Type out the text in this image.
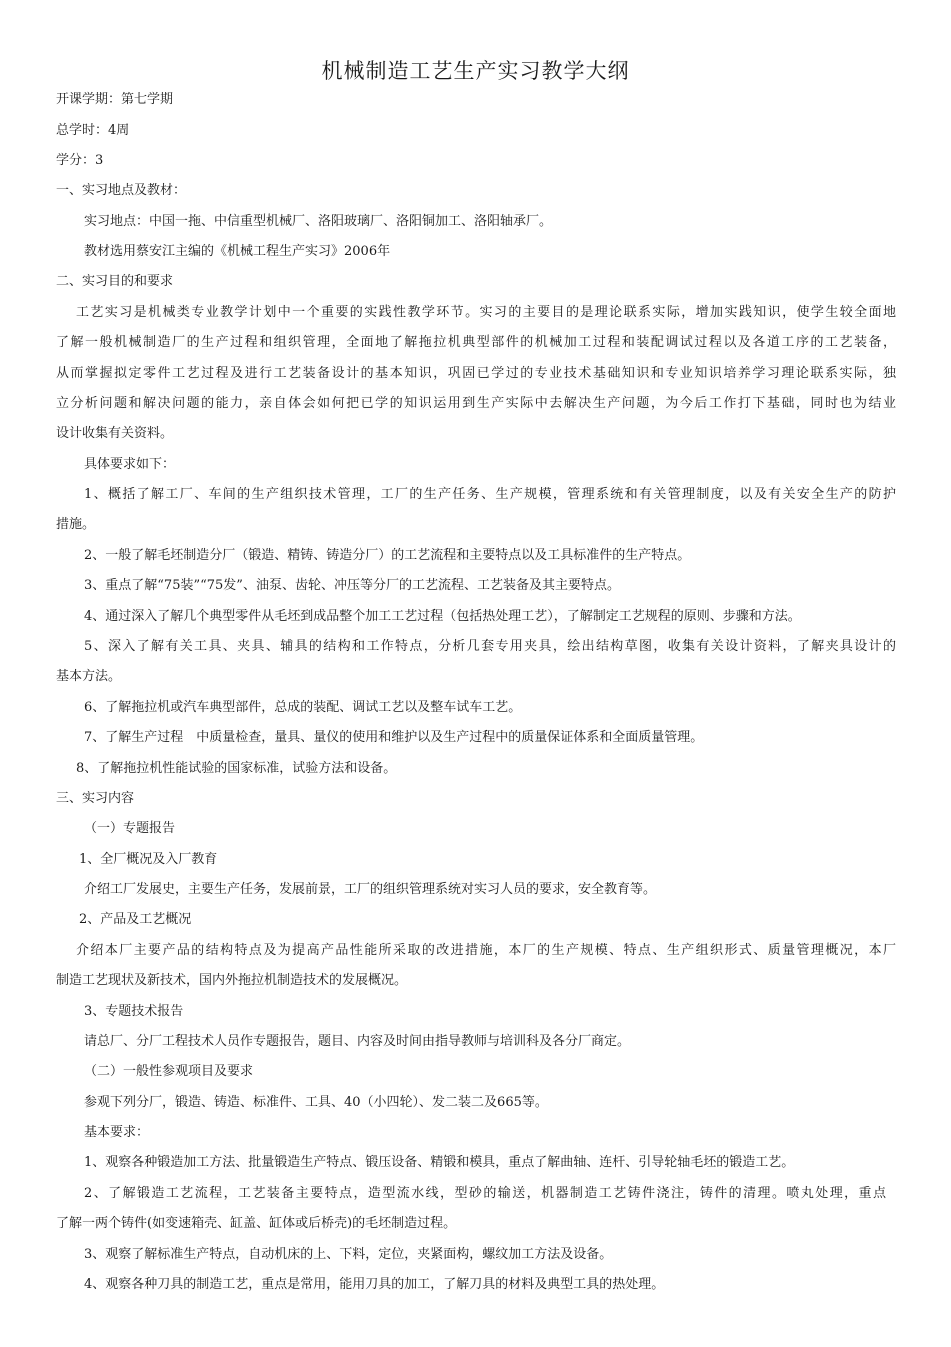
机械制造工艺生产实习教学大纲
开课学期：第七学期
总学时：4周
学分：3
一、实习地点及教材：
实习地点：中国一拖、中信重型机械厂、洛阳玻璃厂、洛阳铜加工、洛阳轴承厂。
教材选用蔡安江主编的《机械工程生产实习》2006年
二、实习目的和要求
工艺实习是机械类专业教学计划中一个重要的实践性教学环节。实习的主要目的是理论联系实际，增加实践知识，使学生较全面地
了解一般机械制造厂的生产过程和组织管理，全面地了解拖拉机典型部件的机械加工过程和装配调试过程以及各道工序的工艺装备，
从而掌握拟定零件工艺过程及进行工艺装备设计的基本知识，巩固已学过的专业技术基础知识和专业知识培养学习理论联系实际，独
立分析问题和解决问题的能力，亲自体会如何把已学的知识运用到生产实际中去解决生产问题，为今后工作打下基础，同时也为结业
设计收集有关资料。
具体要求如下：
1、概括了解工厂、车间的生产组织技术管理，工厂的生产任务、生产规模，管理系统和有关管理制度，以及有关安全生产的防护
措施。
2、一般了解毛坯制造分厂（锻造、精铸、铸造分厂）的工艺流程和主要特点以及工具标准件的生产特点。
3、重点了解“75装”“75发”、油泵、齿轮、冲压等分厂的工艺流程、工艺装备及其主要特点。
4、通过深入了解几个典型零件从毛坯到成品整个加工工艺过程（包括热处理工艺），了解制定工艺规程的原则、步骤和方法。
5、深入了解有关工具、夹具、辅具的结构和工作特点，分析几套专用夹具，绘出结构草图，收集有关设计资料，了解夹具设计的
基本方法。
6、了解拖拉机或汽车典型部件，总成的装配、调试工艺以及整车试车工艺。
7、了解生产过程　中质量检查，量具、量仪的使用和维护以及生产过程中的质量保证体系和全面质量管理。
8、了解拖拉机性能试验的国家标准，试验方法和设备。
三、实习内容
（一）专题报告
1、全厂概况及入厂教育
介绍工厂发展史，主要生产任务，发展前景，工厂的组织管理系统对实习人员的要求，安全教育等。
2、产品及工艺概况
介绍本厂主要产品的结构特点及为提高产品性能所采取的改进措施，本厂的生产规模、特点、生产组织形式、质量管理概况，本厂
制造工艺现状及新技术，国内外拖拉机制造技术的发展概况。
3、专题技术报告
请总厂、分厂工程技术人员作专题报告，题目、内容及时间由指导教师与培训科及各分厂商定。
（二）一般性参观项目及要求
参观下列分厂，锻造、铸造、标准件、工具、40（小四轮）、发二装二及665等。
基本要求：
1、观察各种锻造加工方法、批量锻造生产特点、锻压设备、精锻和模具，重点了解曲轴、连杆、引导轮轴毛坯的锻造工艺。
2、了解锻造工艺流程，工艺装备主要特点，造型流水线，型砂的输送，机器制造工艺铸件浇注，铸件的清理。喷丸处理，重点
了解一两个铸件(如变速箱壳、缸盖、缸体或后桥壳)的毛坯制造过程。
3、观察了解标准生产特点，自动机床的上、下料，定位，夹紧面构，螺纹加工方法及设备。
4、观察各种刀具的制造工艺，重点是常用，能用刀具的加工，了解刀具的材料及典型工具的热处理。
